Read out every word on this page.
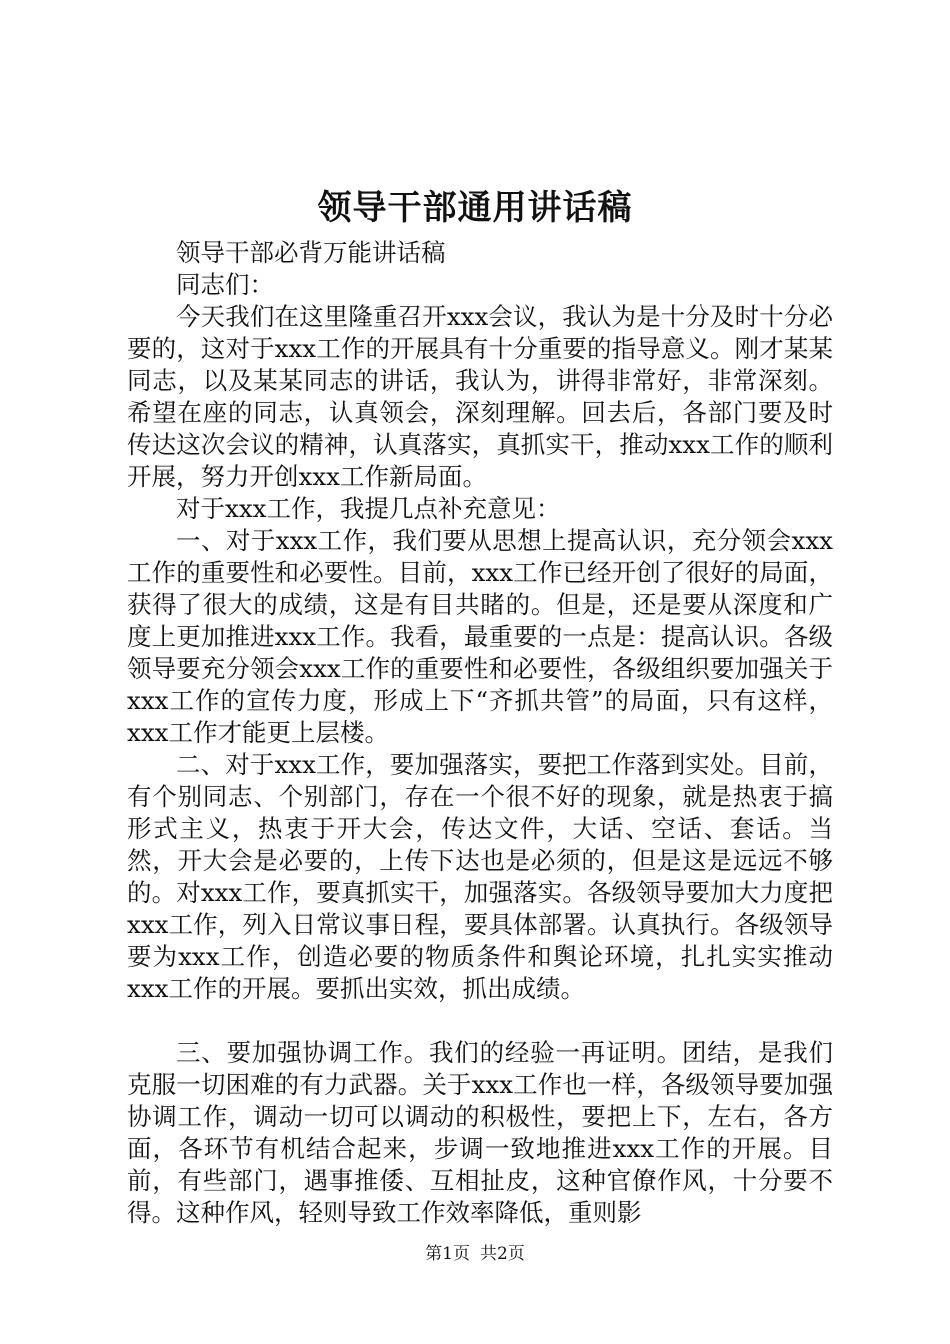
领导干部通用讲话稿

领导干部必背万能讲话稿

同志们：

今天我们在这里隆重召开xxx会议，我认为是十分及时十分必要的，这对于xxx工作的开展具有十分重要的指导意义。刚才某某同志，以及某某同志的讲话，我认为，讲得非常好，非常深刻。希望在座的同志，认真领会，深刻理解。回去后，各部门要及时传达这次会议的精神，认真落实，真抓实干，推动xxx工作的顺利开展，努力开创xxx工作新局面。

对于xxx工作，我提几点补充意见：

一、对于xxx工作，我们要从思想上提高认识，充分领会xxx工作的重要性和必要性。目前，xxx工作已经开创了很好的局面，获得了很大的成绩，这是有目共睹的。但是，还是要从深度和广度上更加推进xxx工作。我看，最重要的一点是：提高认识。各级领导要充分领会xxx工作的重要性和必要性，各级组织要加强关于xxx工作的宣传力度，形成上下“齐抓共管”的局面，只有这样，xxx工作才能更上层楼。

二、对于xxx工作，要加强落实，要把工作落到实处。目前，有个别同志、个别部门，存在一个很不好的现象，就是热衷于搞形式主义，热衷于开大会，传达文件，大话、空话、套话。当然，开大会是必要的，上传下达也是必须的，但是这是远远不够的。对xxx工作，要真抓实干，加强落实。各级领导要加大力度把xxx工作，列入日常议事日程，要具体部署。认真执行。各级领导要为xxx工作，创造必要的物质条件和舆论环境，扎扎实实推动xxx工作的开展。要抓出实效，抓出成绩。

三、要加强协调工作。我们的经验一再证明。团结，是我们克服一切困难的有力武器。关于xxx工作也一样，各级领导要加强协调工作，调动一切可以调动的积极性，要把上下，左右，各方面，各环节有机结合起来，步调一致地推进xxx工作的开展。目前，有些部门，遇事推倭、互相扯皮，这种官僚作风，十分要不得。这种作风，轻则导致工作效率降低，重则影

第1页 共2页
